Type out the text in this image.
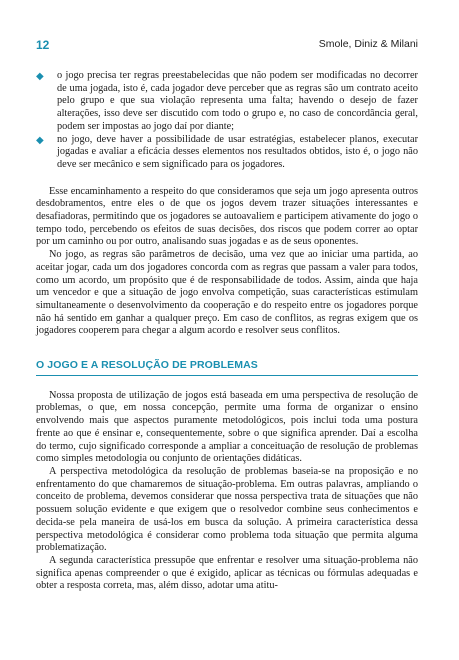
12	Smole, Diniz & Milani
◆ o jogo precisa ter regras preestabelecidas que não podem ser modificadas no decorrer de uma jogada, isto é, cada jogador deve perceber que as regras são um contrato aceito pelo grupo e que sua violação representa uma falta; havendo o desejo de fazer alterações, isso deve ser discutido com todo o grupo e, no caso de concordância geral, podem ser impostas ao jogo daí por diante;
◆ no jogo, deve haver a possibilidade de usar estratégias, estabelecer planos, executar jogadas e avaliar a eficácia desses elementos nos resultados obtidos, isto é, o jogo não deve ser mecânico e sem significado para os jogadores.

Esse encaminhamento a respeito do que consideramos que seja um jogo apresenta outros desdobramentos, entre eles o de que os jogos devem trazer situações interessantes e desafiadoras, permitindo que os jogadores se autoavaliem e participem ativamente do jogo o tempo todo, percebendo os efeitos de suas decisões, dos riscos que podem correr ao optar por um caminho ou por outro, analisando suas jogadas e as de seus oponentes.

No jogo, as regras são parâmetros de decisão, uma vez que ao iniciar uma partida, ao aceitar jogar, cada um dos jogadores concorda com as regras que passam a valer para todos, como um acordo, um propósito que é de responsabilidade de todos. Assim, ainda que haja um vencedor e que a situação de jogo envolva competição, suas características estimulam simultaneamente o desenvolvimento da cooperação e do respeito entre os jogadores porque não há sentido em ganhar a qualquer preço. Em caso de conflitos, as regras exigem que os jogadores cooperem para chegar a algum acordo e resolver seus conflitos.

O JOGO E A RESOLUÇÃO DE PROBLEMAS

Nossa proposta de utilização de jogos está baseada em uma perspectiva de resolução de problemas, o que, em nossa concepção, permite uma forma de organizar o ensino envolvendo mais que aspectos puramente metodológicos, pois inclui toda uma postura frente ao que é ensinar e, consequentemente, sobre o que significa aprender. Daí a escolha do termo, cujo significado corresponde a ampliar a conceituação de resolução de problemas como simples metodologia ou conjunto de orientações didáticas.

A perspectiva metodológica da resolução de problemas baseia-se na proposição e no enfrentamento do que chamaremos de situação-problema. Em outras palavras, ampliando o conceito de problema, devemos considerar que nossa perspectiva trata de situações que não possuem solução evidente e que exigem que o resolvedor combine seus conhecimentos e decida-se pela maneira de usá-los em busca da solução. A primeira característica dessa perspectiva metodológica é considerar como problema toda situação que permita alguma problematização.

A segunda característica pressupõe que enfrentar e resolver uma situação-problema não significa apenas compreender o que é exigido, aplicar as técnicas ou fórmulas adequadas e obter a resposta correta, mas, além disso, adotar uma atitu-
